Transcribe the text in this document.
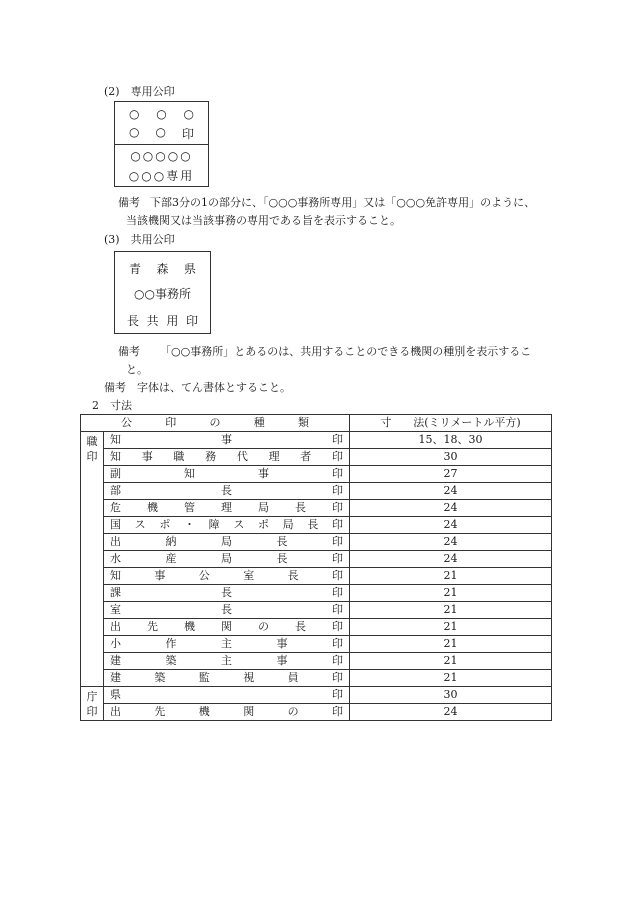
(2)　専用公印
○ ○ ○
○ ○ 印
○○○○○
○○○専用
備考 下部3分の1の部分に、「○○○事務所専用」又は「○○○免許専用」のように、
当該機関又は当該事務の専用である旨を表示すること。
(3)　共用公印
青 森 県
○○事務所
長 共 用 印
備考 「○○事務所」とあるのは、共用することのできる機関の種別を表示するこ
と。
備考　字体は、てん書体とすること。
2　寸法
公印の種類		寸　　法(ミリメートル平方)

職
印	知事印	15、18、30
	知事職務代理者印	30
	副知事印	27
	部長印	24
	危機管理局長印	24
	国スポ・障スポ局長印	24
	出納局長印	24
	水産局長印	24
	知事公室長印	21
	課長印	21
	室長印	21
	出先機関の長印	21
	小作主事印	21
	建築主事印	21
	建築監視員印	21

庁
印	県印	30
	出先機関の印	24
